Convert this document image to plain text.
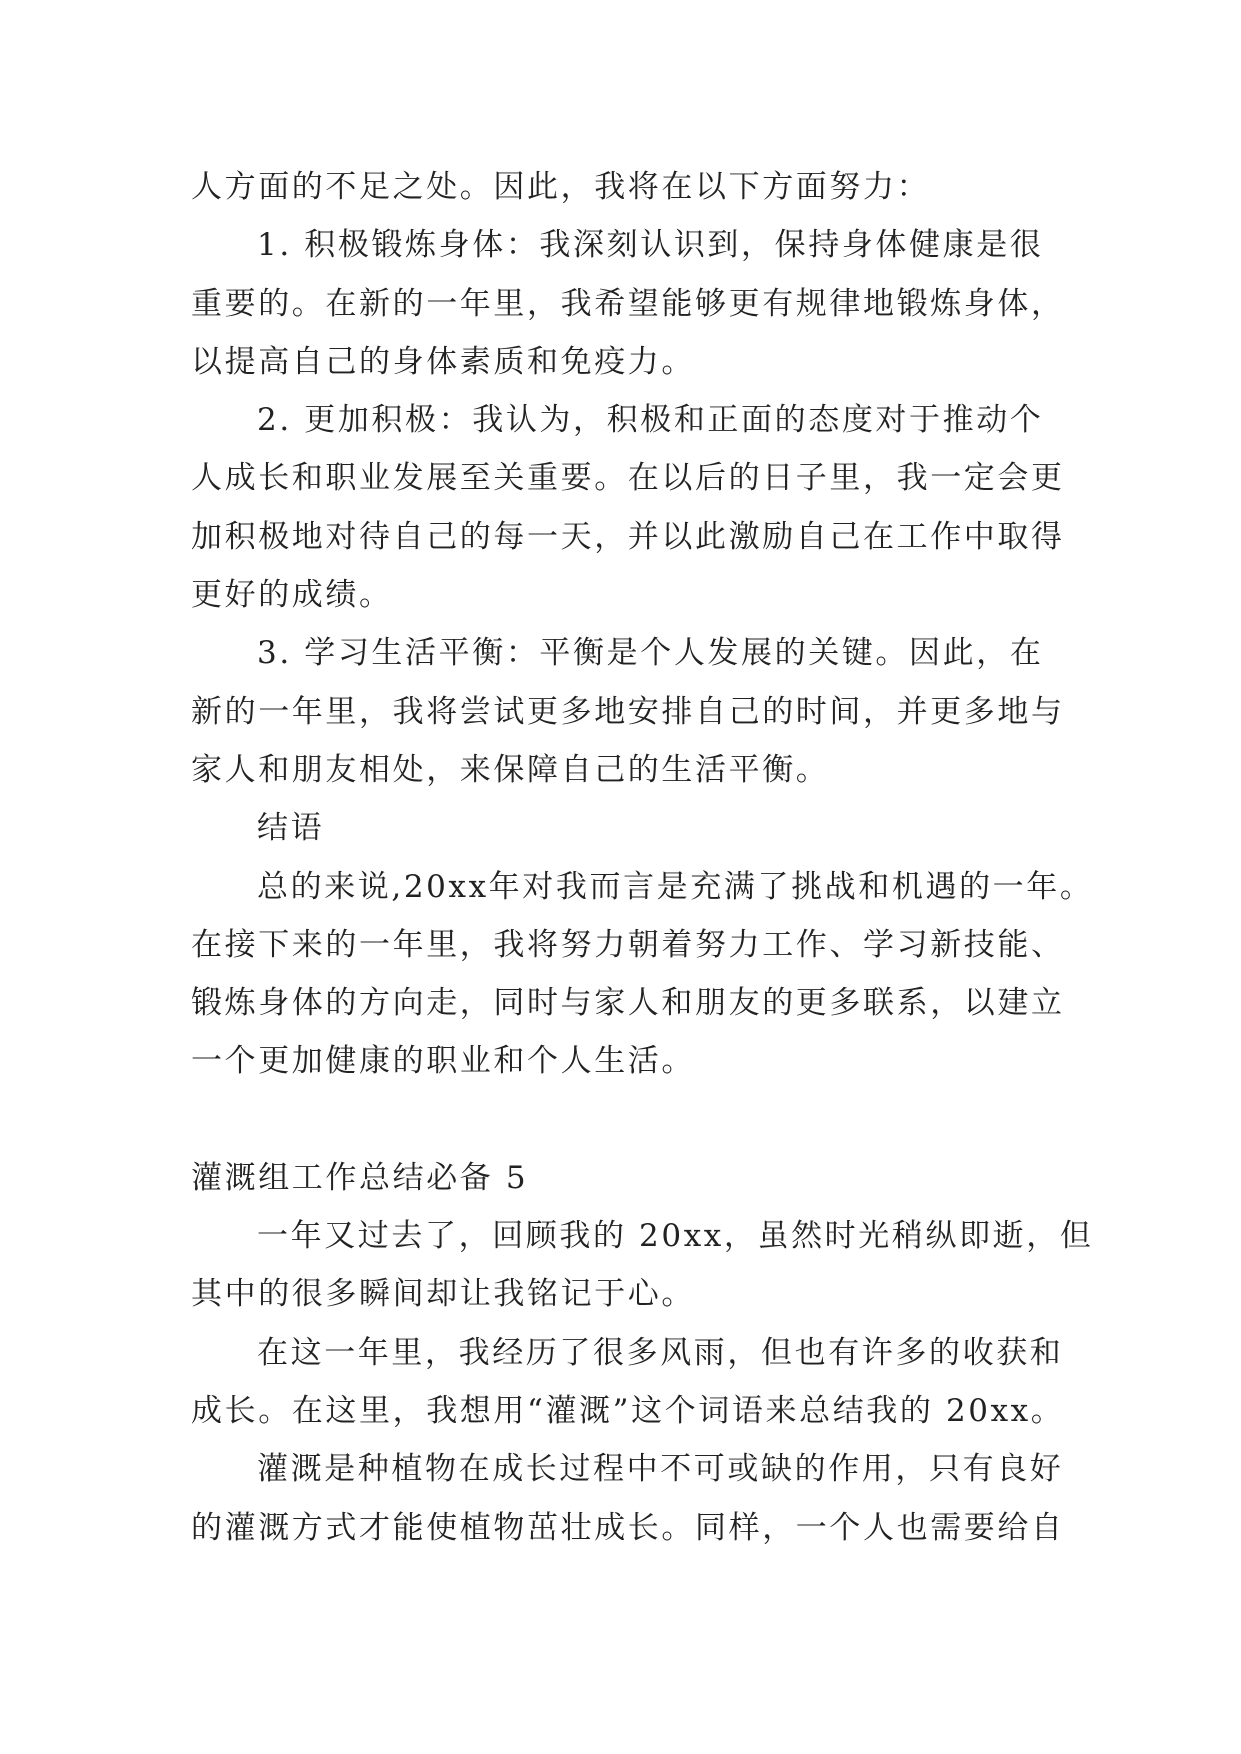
人方面的不足之处。因此，我将在以下方面努力：
1. 积极锻炼身体：我深刻认识到，保持身体健康是很
重要的。在新的一年里，我希望能够更有规律地锻炼身体，
以提高自己的身体素质和免疫力。
2. 更加积极：我认为，积极和正面的态度对于推动个
人成长和职业发展至关重要。在以后的日子里，我一定会更
加积极地对待自己的每一天，并以此激励自己在工作中取得
更好的成绩。
3. 学习生活平衡：平衡是个人发展的关键。因此，在
新的一年里，我将尝试更多地安排自己的时间，并更多地与
家人和朋友相处，来保障自己的生活平衡。
结语
总的来说,20xx年对我而言是充满了挑战和机遇的一年。
在接下来的一年里，我将努力朝着努力工作、学习新技能、
锻炼身体的方向走，同时与家人和朋友的更多联系，以建立
一个更加健康的职业和个人生活。
灌溉组工作总结必备 5
一年又过去了，回顾我的 20xx，虽然时光稍纵即逝，但
其中的很多瞬间却让我铭记于心。
在这一年里，我经历了很多风雨，但也有许多的收获和
成长。在这里，我想用“灌溉”这个词语来总结我的 20xx。
灌溉是种植物在成长过程中不可或缺的作用，只有良好
的灌溉方式才能使植物茁壮成长。同样，一个人也需要给自
